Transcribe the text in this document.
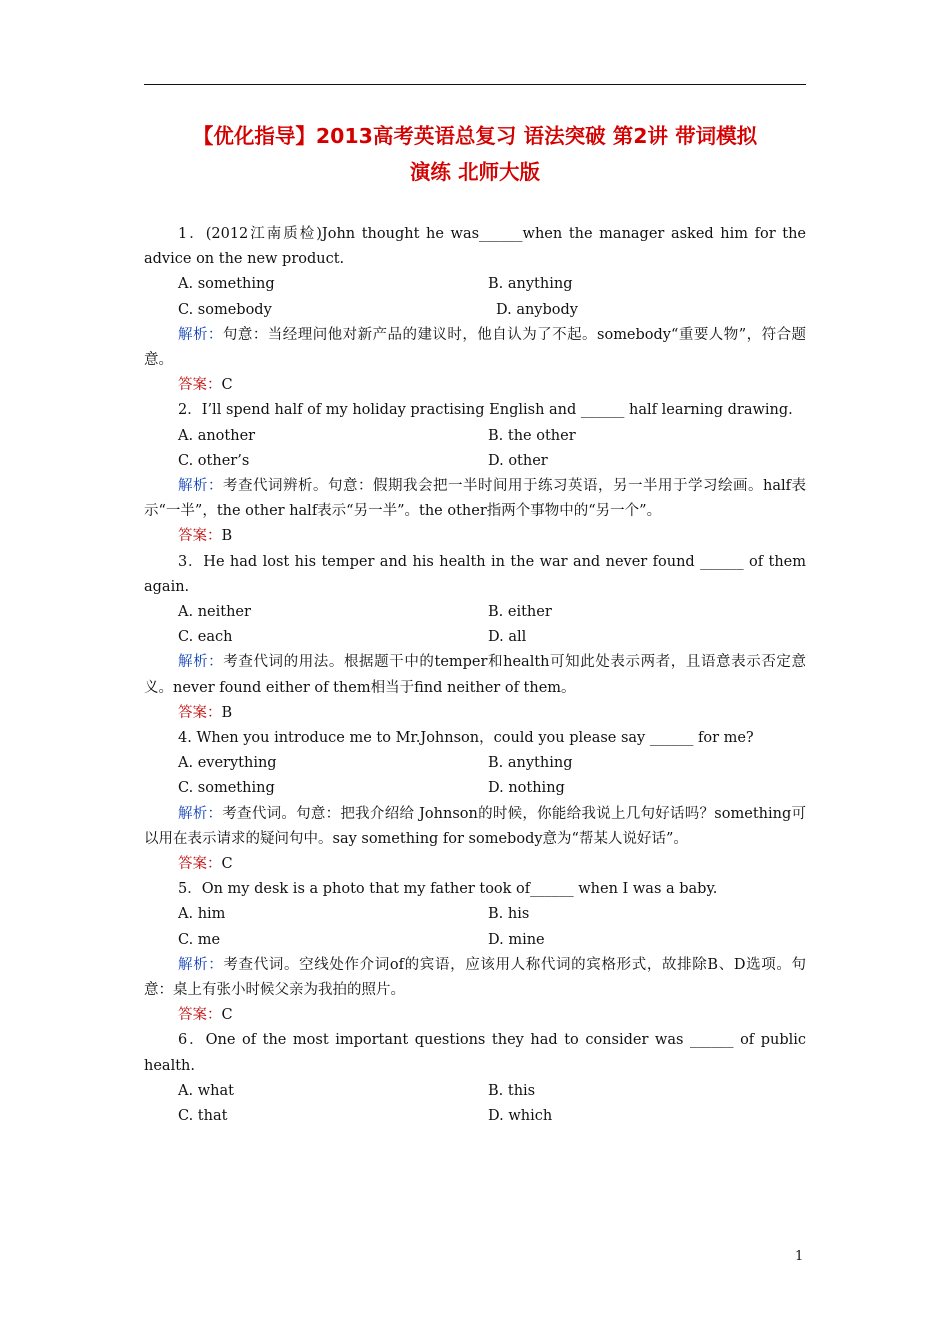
【优化指导】2013高考英语总复习 语法突破 第2讲 带词模拟
演练 北师大版

1．(2012江南质检)John thought he was______when the manager asked him for the advice on the new product.

A. something	B. anything
C. somebody	D. anybody

解析：句意：当经理问他对新产品的建议时，他自认为了不起。somebody“重要人物”，符合题意。

答案：C

2．I’ll spend half of my holiday practising English and ______ half learning drawing.

A. another	B. the other
C. other’s	D. other

解析：考查代词辨析。句意：假期我会把一半时间用于练习英语，另一半用于学习绘画。half表示“一半”，the other half表示“另一半”。the other指两个事物中的“另一个”。

答案：B

3．He had lost his temper and his health in the war and never found ______ of them again.

A. neither	B. either
C. each	D. all

解析：考查代词的用法。根据题干中的temper和health可知此处表示两者，且语意表示否定意义。never found either of them相当于find neither of them。

答案：B

4. When you introduce me to Mr.Johnson，could you please say ______ for me?

A. everything	B. anything
C. something	D. nothing

解析：考查代词。句意：把我介绍给 Johnson的时候，你能给我说上几句好话吗？something可以用在表示请求的疑问句中。say something for somebody意为“帮某人说好话”。

答案：C

5．On my desk is a photo that my father took of______ when I was a baby.

A. him	B. his
C. me	D. mine

解析：考查代词。空线处作介词of的宾语，应该用人称代词的宾格形式，故排除B、D选项。句意：桌上有张小时候父亲为我拍的照片。

答案：C

6．One of the most important questions they had to consider was ______ of public health.

A. what	B. this
C. that	D. which
1
